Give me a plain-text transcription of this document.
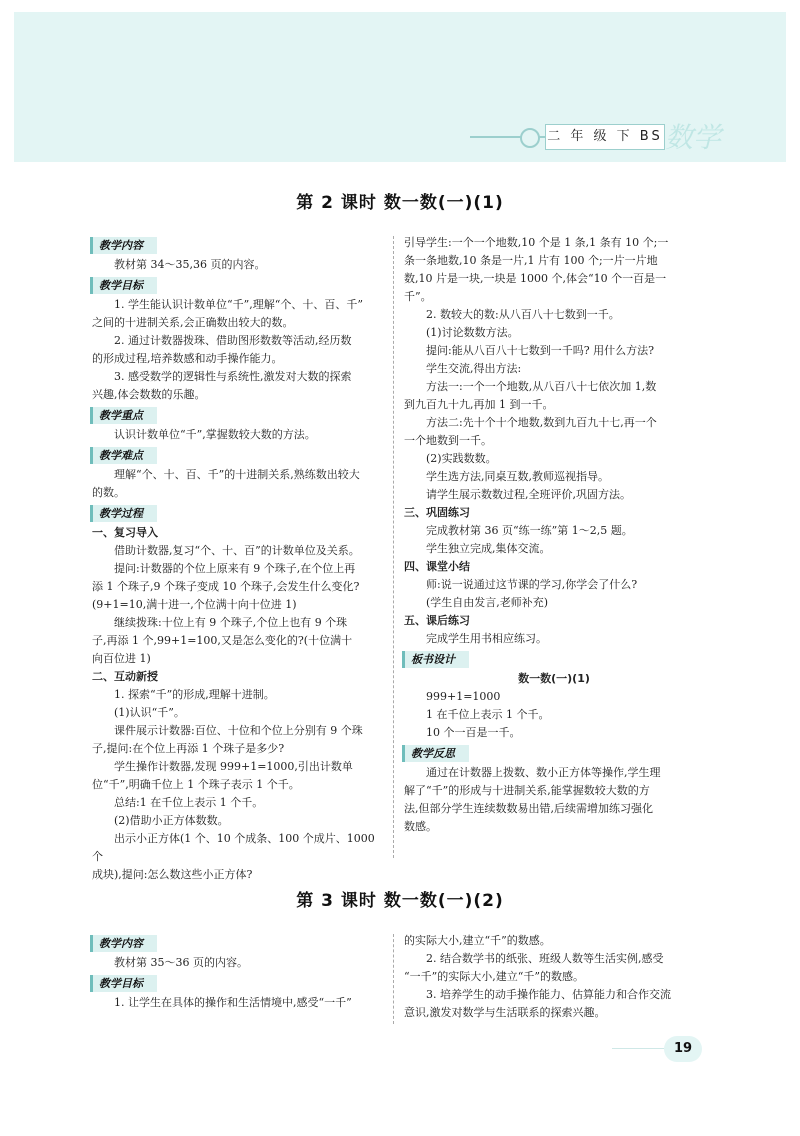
二 年 级 下 BS 数学
第 2 课时 数一数(一)(1)
教学内容

教材第 34～35,36 页的内容。

教学目标

1. 学生能认识计数单位“千”,理解“个、十、百、千”

之间的十进制关系,会正确数出较大的数。

2. 通过计数器拨珠、借助图形数数等活动,经历数

的形成过程,培养数感和动手操作能力。

3. 感受数学的逻辑性与系统性,激发对大数的探索

兴趣,体会数数的乐趣。

教学重点

认识计数单位“千”,掌握数较大数的方法。

教学难点

理解“个、十、百、千”的十进制关系,熟练数出较大

的数。

教学过程

一、复习导入

借助计数器,复习“个、十、百”的计数单位及关系。

提问:计数器的个位上原来有 9 个珠子,在个位上再

添 1 个珠子,9 个珠子变成 10 个珠子,会发生什么变化?

(9+1=10,满十进一,个位满十向十位进 1)

继续拨珠:十位上有 9 个珠子,个位上也有 9 个珠

子,再添 1 个,99+1=100,又是怎么变化的?(十位满十

向百位进 1)

二、互动新授

1. 探索“千”的形成,理解十进制。

(1)认识“千”。

课件展示计数器:百位、十位和个位上分别有 9 个珠

子,提问:在个位上再添 1 个珠子是多少?

学生操作计数器,发现 999+1=1000,引出计数单

位“千”,明确千位上 1 个珠子表示 1 个千。

总结:1 在千位上表示 1 个千。

(2)借助小正方体数数。

出示小正方体(1 个、10 个成条、100 个成片、1000 个

成块),提问:怎么数这些小正方体?

引导学生:一个一个地数,10 个是 1 条,1 条有 10 个;一

条一条地数,10 条是一片,1 片有 100 个;一片一片地

数,10 片是一块,一块是 1000 个,体会“10 个一百是一

千”。

2. 数较大的数:从八百八十七数到一千。

(1)讨论数数方法。

提问:能从八百八十七数到一千吗? 用什么方法?

学生交流,得出方法:

方法一:一个一个地数,从八百八十七依次加 1,数

到九百九十九,再加 1 到一千。

方法二:先十个十个地数,数到九百九十七,再一个

一个地数到一千。

(2)实践数数。

学生选方法,同桌互数,教师巡视指导。

请学生展示数数过程,全班评价,巩固方法。

三、巩固练习

完成教材第 36 页“练一练”第 1～2,5 题。

学生独立完成,集体交流。

四、课堂小结

师:说一说通过这节课的学习,你学会了什么?

(学生自由发言,老师补充)

五、课后练习

完成学生用书相应练习。

板书设计

数一数(一)(1)

999+1=1000

1 在千位上表示 1 个千。

10 个一百是一千。

教学反思

通过在计数器上拨数、数小正方体等操作,学生理

解了“千”的形成与十进制关系,能掌握数较大数的方

法,但部分学生连续数数易出错,后续需增加练习强化

数感。

第 3 课时 数一数(一)(2)
教学内容

教材第 35～36 页的内容。

教学目标

1. 让学生在具体的操作和生活情境中,感受“一千”

的实际大小,建立“千”的数感。

2. 结合数学书的纸张、班级人数等生活实例,感受

“一千”的实际大小,建立“千”的数感。

3. 培养学生的动手操作能力、估算能力和合作交流

意识,激发对数学与生活联系的探索兴趣。

19
